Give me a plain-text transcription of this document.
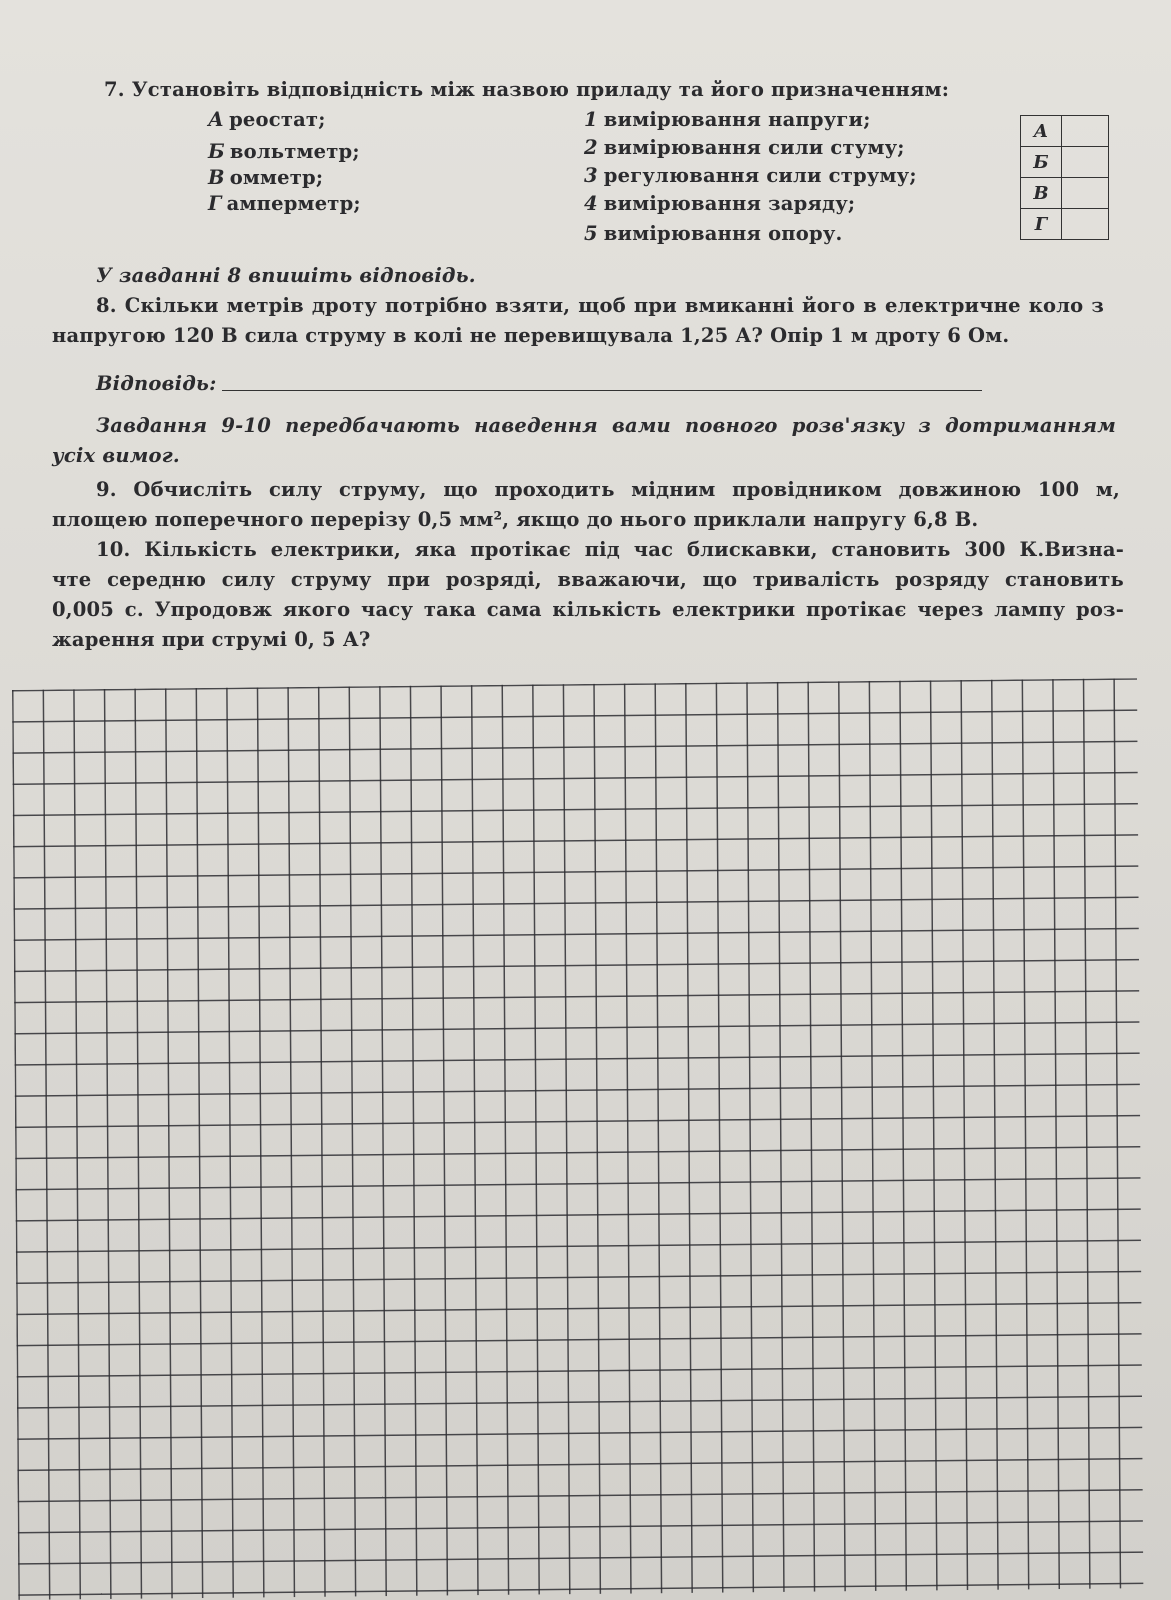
7. Установіть відповідність між назвою приладу та його призначенням:
А реостат;
Б вольтметр;
В омметр;
Г амперметр;
1 вимірювання напруги;
2 вимірювання сили стуму;
3 регулювання сили струму;
4 вимірювання заряду;
5 вимірювання опору.
А	
Б	
В	
Г	
У завданні 8 впишіть відповідь.
8. Скільки метрів дроту потрібно взяти, щоб при вмиканні його в електричне коло з
напругою 120 В сила струму в колі не перевищувала 1,25 А? Опір 1 м дроту 6 Ом.
Відповідь:
Завдання 9-10 передбачають наведення вами повного розв'язку з дотриманням
усіх вимог.
9. Обчисліть силу струму, що проходить мідним провідником довжиною 100 м,
площею поперечного перерізу 0,5 мм², якщо до нього приклали напругу 6,8 В.
10. Кількість електрики, яка протікає під час блискавки, становить 300 К.Визна-
чте середню силу струму при розряді, вважаючи, що тривалість розряду становить
0,005 с. Упродовж якого часу така сама кількість електрики протікає через лампу роз-
жарення при струмі 0, 5 А?
